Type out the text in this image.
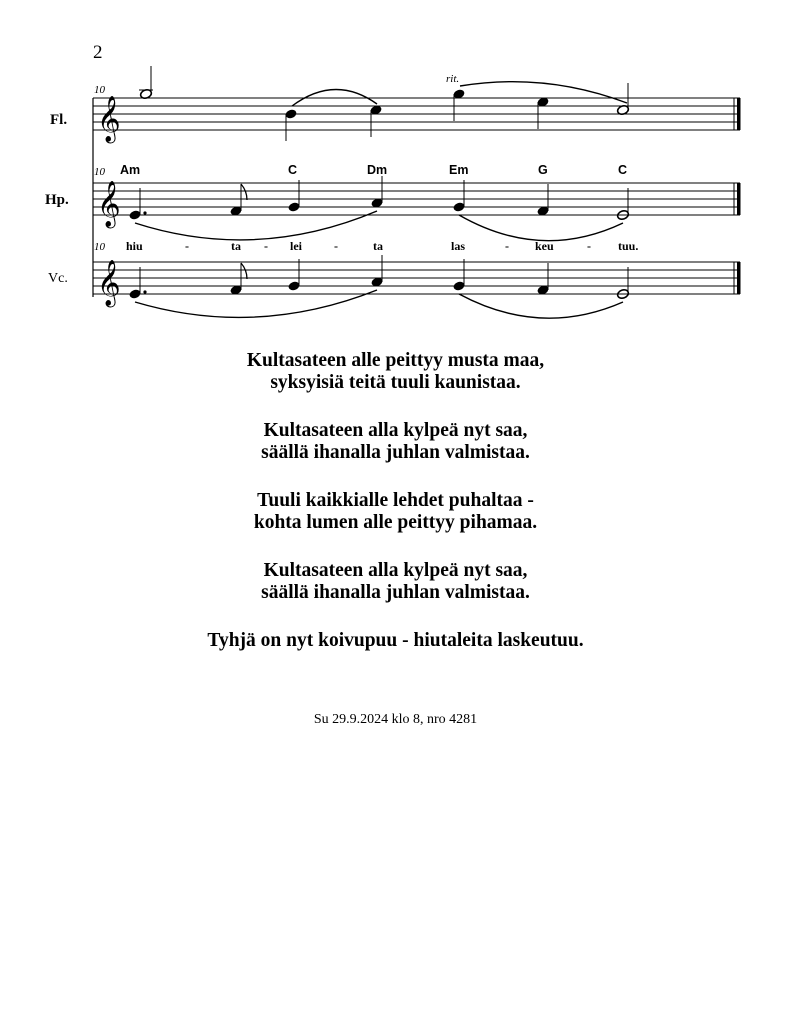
2
10
10
10
Fl.
Hp.
Vc.
rit.
𝄞
𝄞
Am	C	Dm	Em	G	C
hiu	-	ta - lei	-	ta	las	- keu	- tuu.
𝄞
Kultasateen alle peittyy musta maa,
syksyisiä teitä tuuli kaunistaa.
Kultasateen alla kylpeä nyt saa,
säällä ihanalla juhlan valmistaa.
Tuuli kaikkialle lehdet puhaltaa -
kohta lumen alle peittyy pihamaa.
Kultasateen alla kylpeä nyt saa,
säällä ihanalla juhlan valmistaa.
Tyhjä on nyt koivupuu - hiutaleita laskeutuu.
Su 29.9.2024 klo 8, nro 4281
